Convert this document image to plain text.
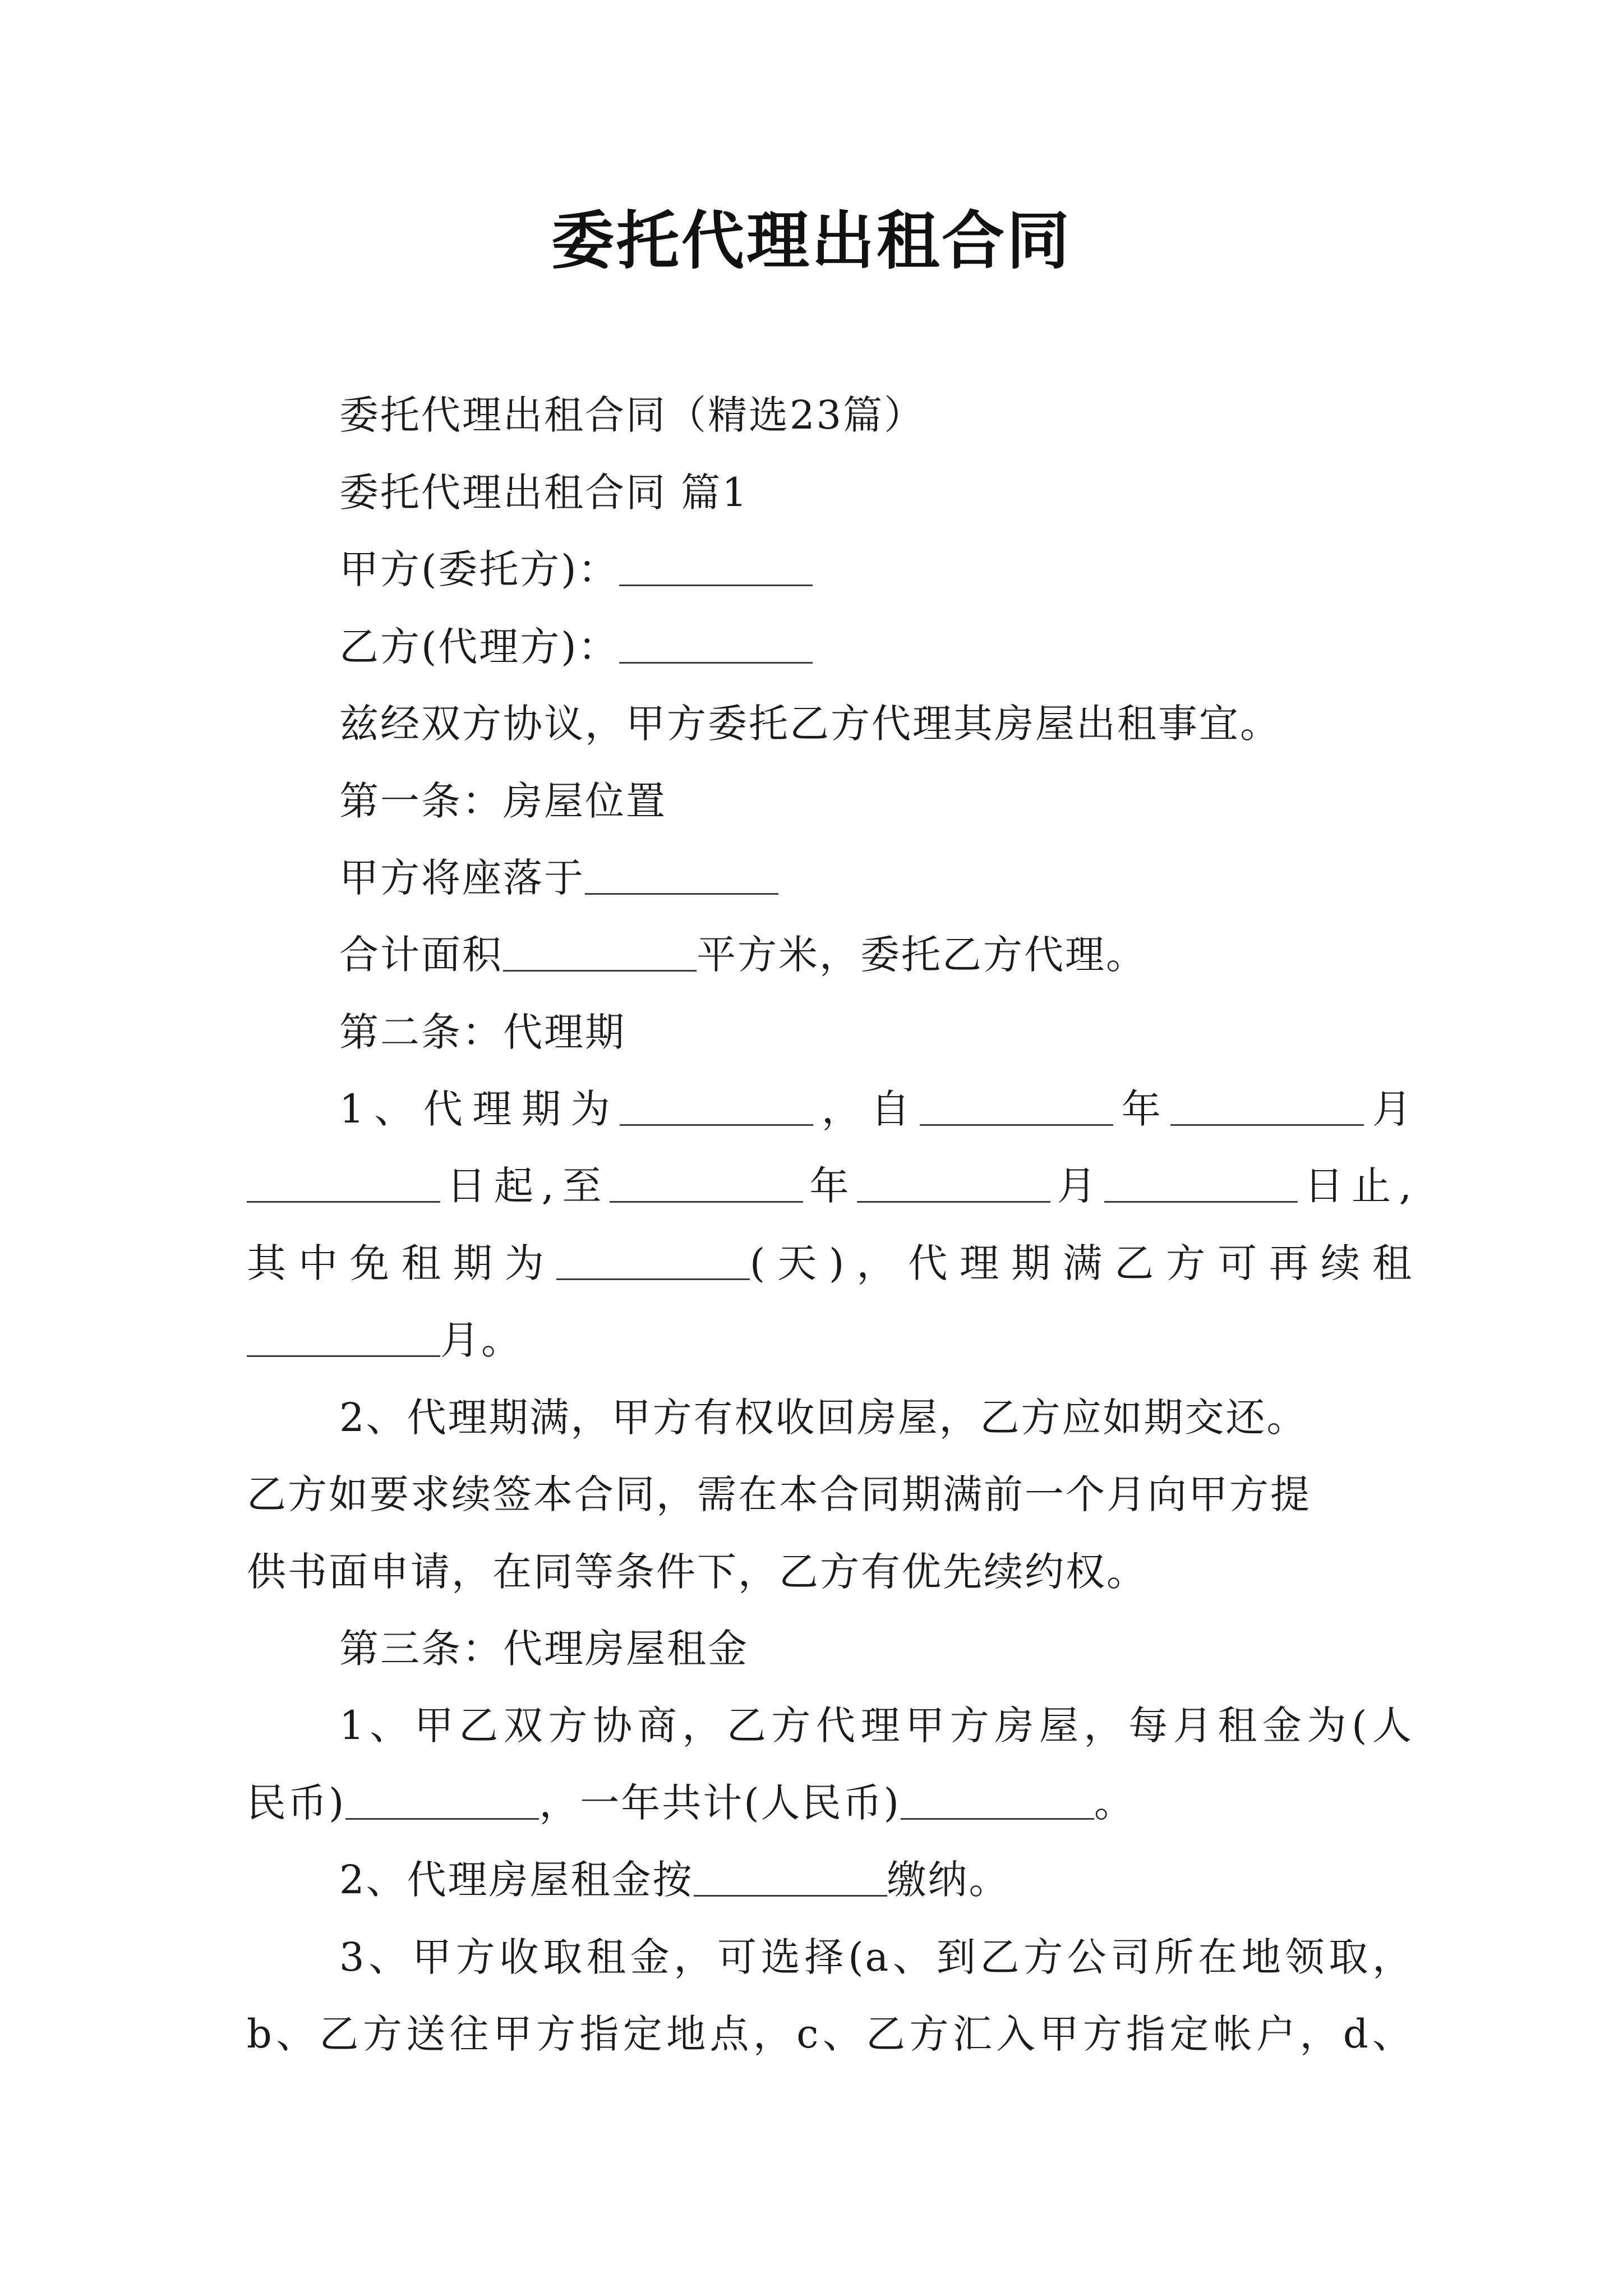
委托代理出租合同
委托代理出租合同（精选23篇）
委托代理出租合同 篇1
甲方(委托方)：
乙方(代理方)：
兹经双方协议，甲方委托乙方代理其房屋出租事宜。
第一条：房屋位置
甲方将座落于
合计面积	平方米，委托乙方代理。
第二条：代理期
1、代理期为	，自	年	月
日起,至	年	月	日止,
其中免租期为	(天)，代理期满乙方可再续租
月。
2、代理期满，甲方有权收回房屋，乙方应如期交还。
乙方如要求续签本合同，需在本合同期满前一个月向甲方提
供书面申请，在同等条件下，乙方有优先续约权。
第三条：代理房屋租金
1、甲乙双方协商，乙方代理甲方房屋，每月租金为(人
民币)	，一年共计(人民币)	。
2、代理房屋租金按	缴纳。
3、甲方收取租金，可选择(a、到乙方公司所在地领取，
b、乙方送往甲方指定地点，c、乙方汇入甲方指定帐户，d、
